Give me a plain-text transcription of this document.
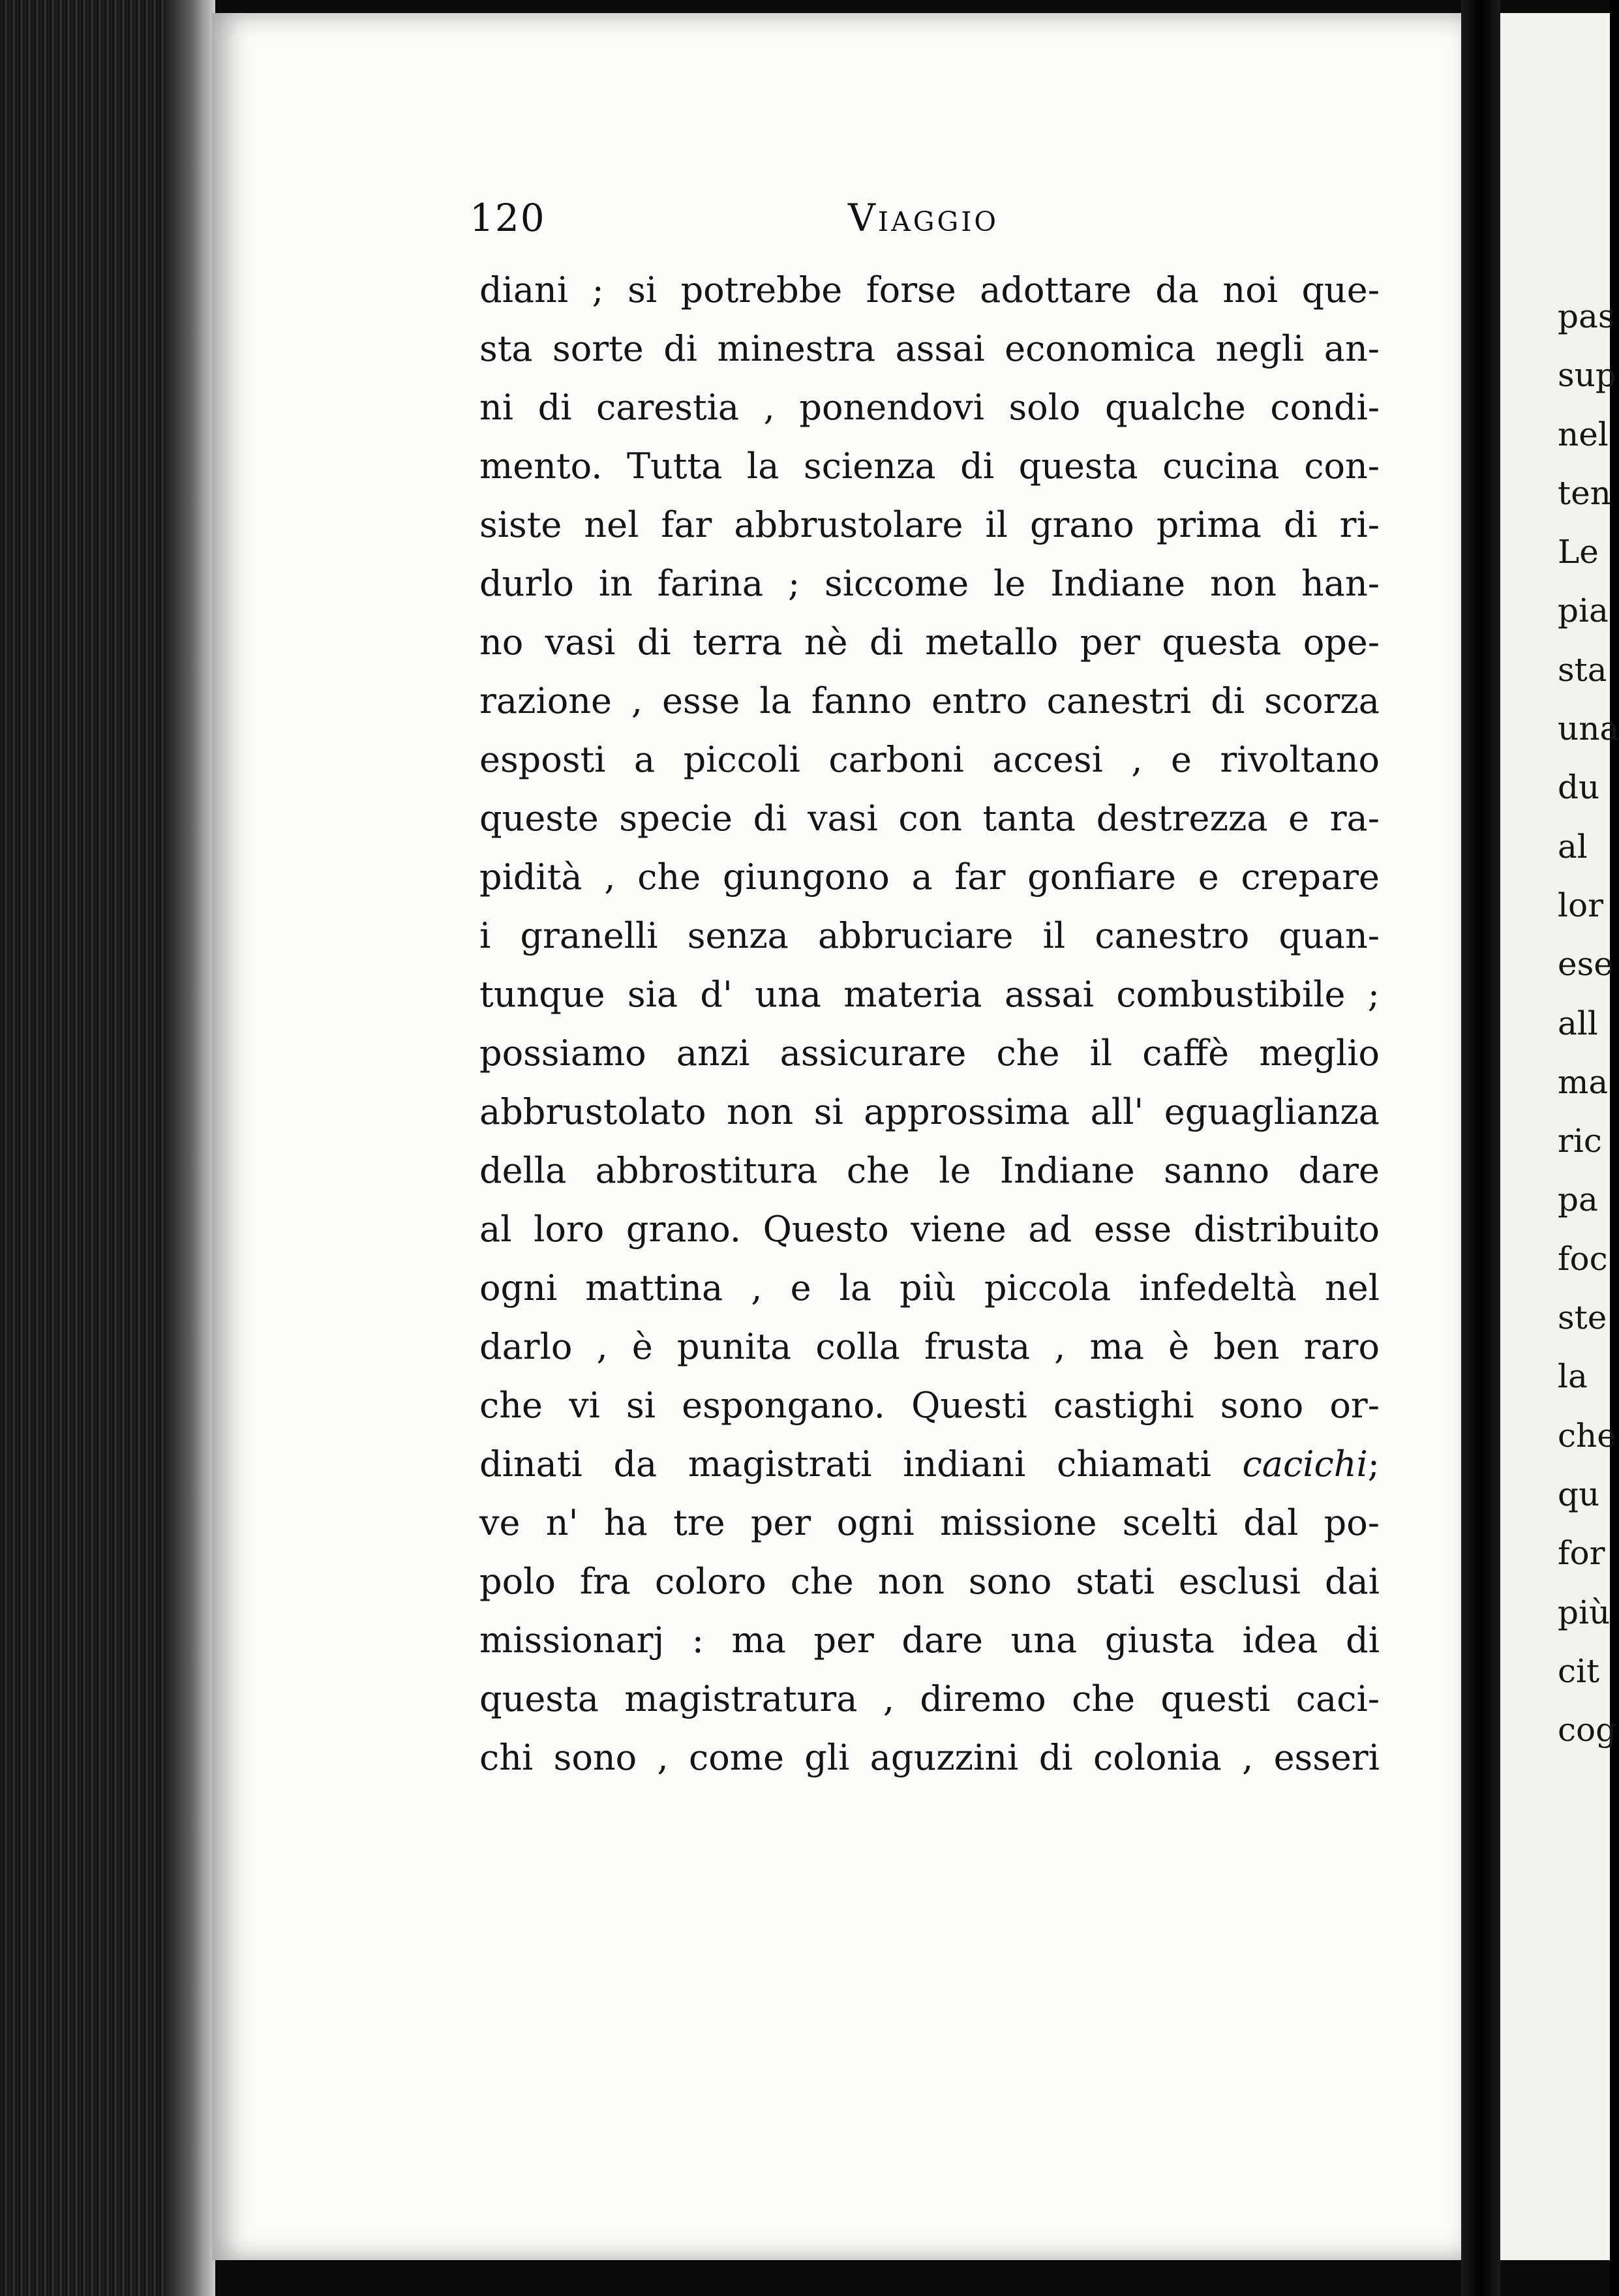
120	Viaggio
diani ; si potrebbe forse adottare da noi que-
sta sorte di minestra assai economica negli an-
ni di carestia , ponendovi solo qualche condi-
mento. Tutta la scienza di questa cucina con-
siste nel far abbrustolare il grano prima di ri-
durlo in farina ; siccome le Indiane non han-
no vasi di terra nè di metallo per questa ope-
razione , esse la fanno entro canestri di scorza
esposti a piccoli carboni accesi , e rivoltano
queste specie di vasi con tanta destrezza e ra-
pidità , che giungono a far gonfiare e crepare
i granelli senza abbruciare il canestro quan-
tunque sia d' una materia assai combustibile ;
possiamo anzi assicurare che il caffè meglio
abbrustolato non si approssima all' eguaglianza
della abbrostitura che le Indiane sanno dare
al loro grano. Questo viene ad esse distribuito
ogni mattina , e la più piccola infedeltà nel
darlo , è punita colla frusta , ma è ben raro
che vi si espongano. Questi castighi sono or-
dinati da magistrati indiani chiamati cacichi;
ve n' ha tre per ogni missione scelti dal po-
polo fra coloro che non sono stati esclusi dai
missionarj : ma per dare una giusta idea di
questa magistratura , diremo che questi caci-
chi sono , come gli aguzzini di colonia , esseri
pas
sup
nel
ten
Le
pia
sta
una
du
al
lor
ese
all
ma
ric
pa
foc
ste
la
che
qu
for
più
cit
cog
